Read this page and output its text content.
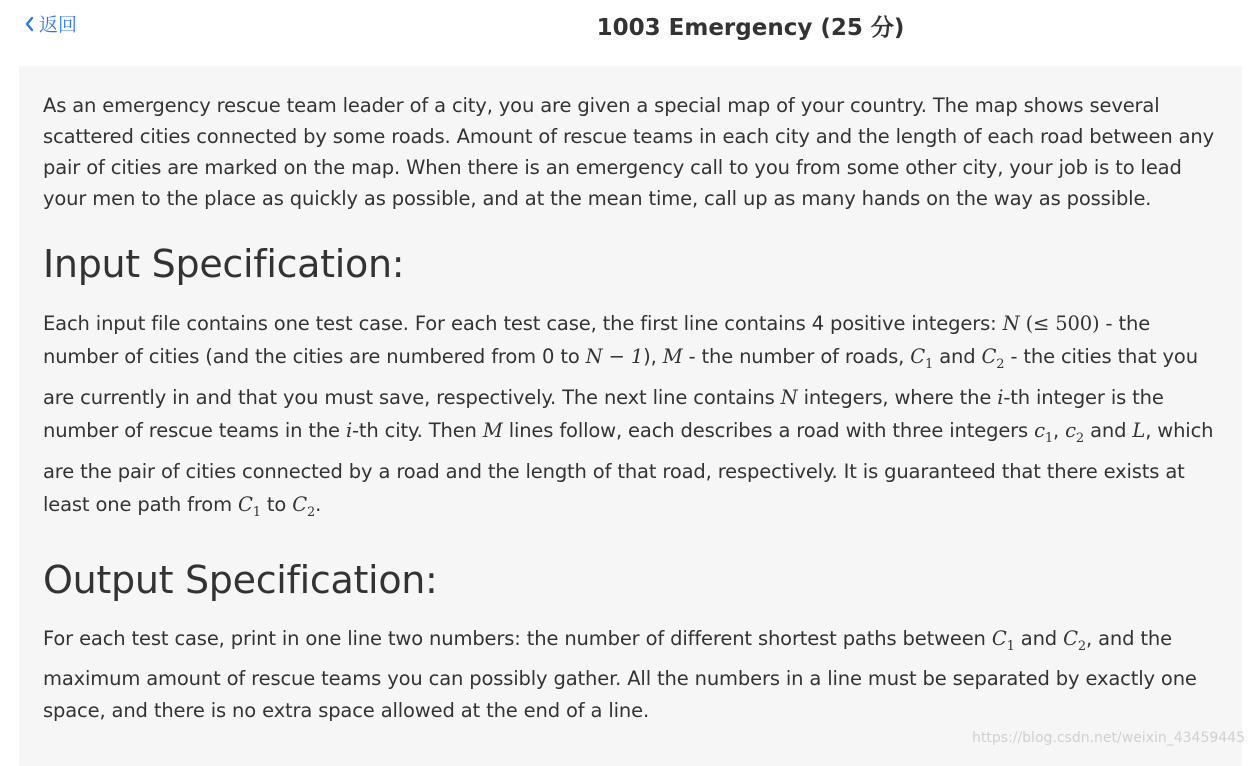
返回	1003 Emergency (25 分)

As an emergency rescue team leader of a city, you are given a special map of your country. The map shows several scattered cities connected by some roads. Amount of rescue teams in each city and the length of each road between any pair of cities are marked on the map. When there is an emergency call to you from some other city, your job is to lead your men to the place as quickly as possible, and at the mean time, call up as many hands on the way as possible.

Input Specification:

Each input file contains one test case. For each test case, the first line contains 4 positive integers: N (≤ 500) - the number of cities (and the cities are numbered from 0 to N − 1), M - the number of roads, $C_1$ and $C_2$ - the cities that you are currently in and that you must save, respectively. The next line contains N integers, where the i-th integer is the number of rescue teams in the i-th city. Then M lines follow, each describes a road with three integers $c_1$, $c_2$ and L, which are the pair of cities connected by a road and the length of that road, respectively. It is guaranteed that there exists at least one path from $C_1$ to $C_2$.

Output Specification:

For each test case, print in one line two numbers: the number of different shortest paths between $C_1$ and $C_2$, and the maximum amount of rescue teams you can possibly gather. All the numbers in a line must be separated by exactly one space, and there is no extra space allowed at the end of a line.

https://blog.csdn.net/weixin_43459445
